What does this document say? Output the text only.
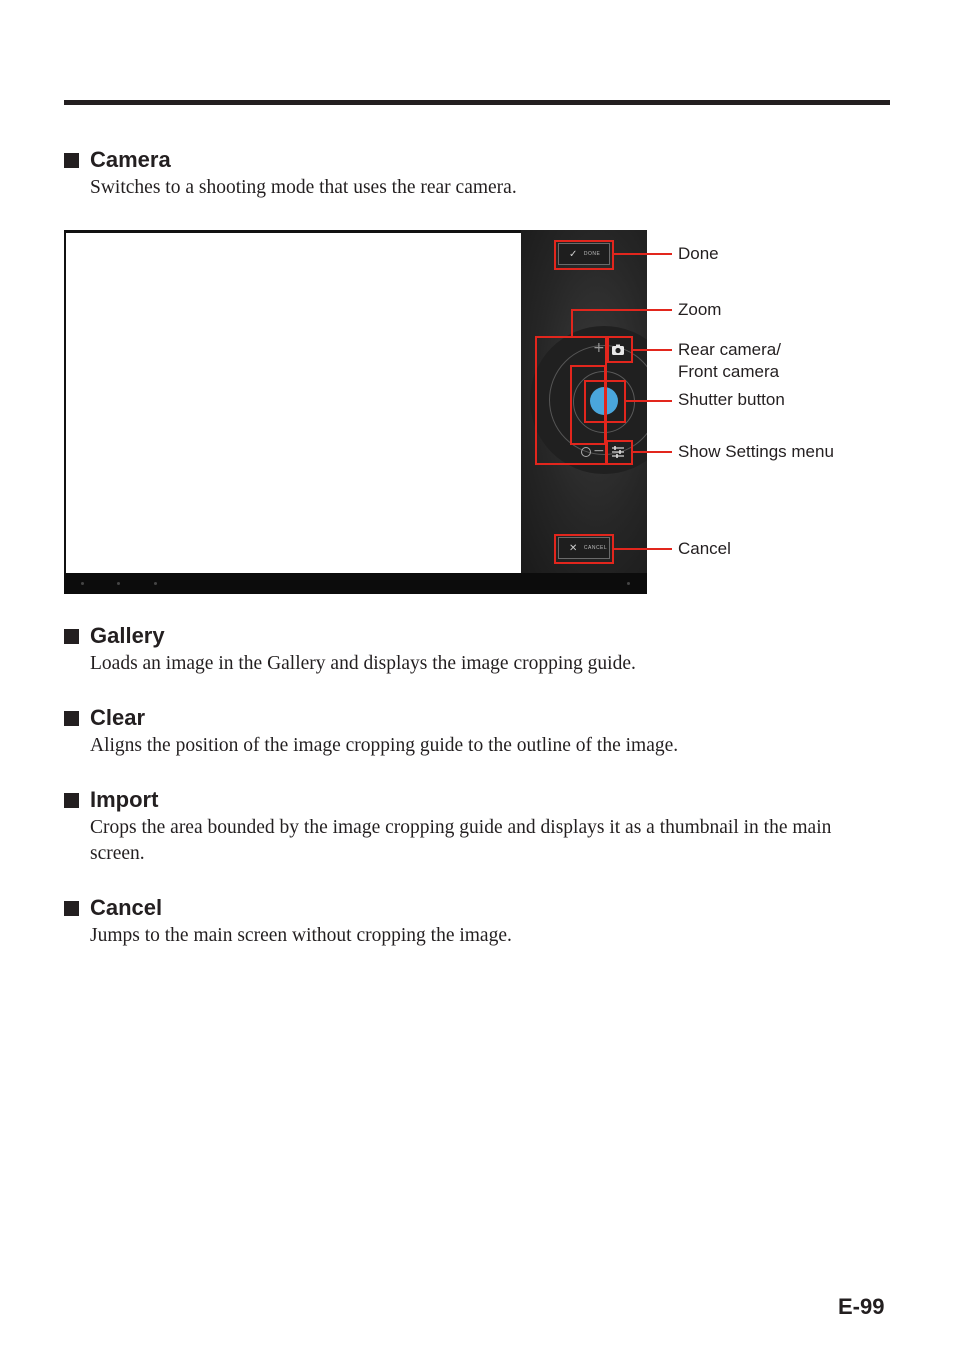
Camera
Switches to a shooting mode that uses the rear camera.
✓ DONE
✕ CANCEL
+
−
Done
Zoom
Rear camera/
Front camera
Shutter button
Show Settings menu
Cancel
Gallery
Loads an image in the Gallery and displays the image cropping guide.
Clear
Aligns the position of the image cropping guide to the outline of the image.
Import
Crops the area bounded by the image cropping guide and displays it as a thumbnail in the main screen.
Cancel
Jumps to the main screen without cropping the image.
E-99
